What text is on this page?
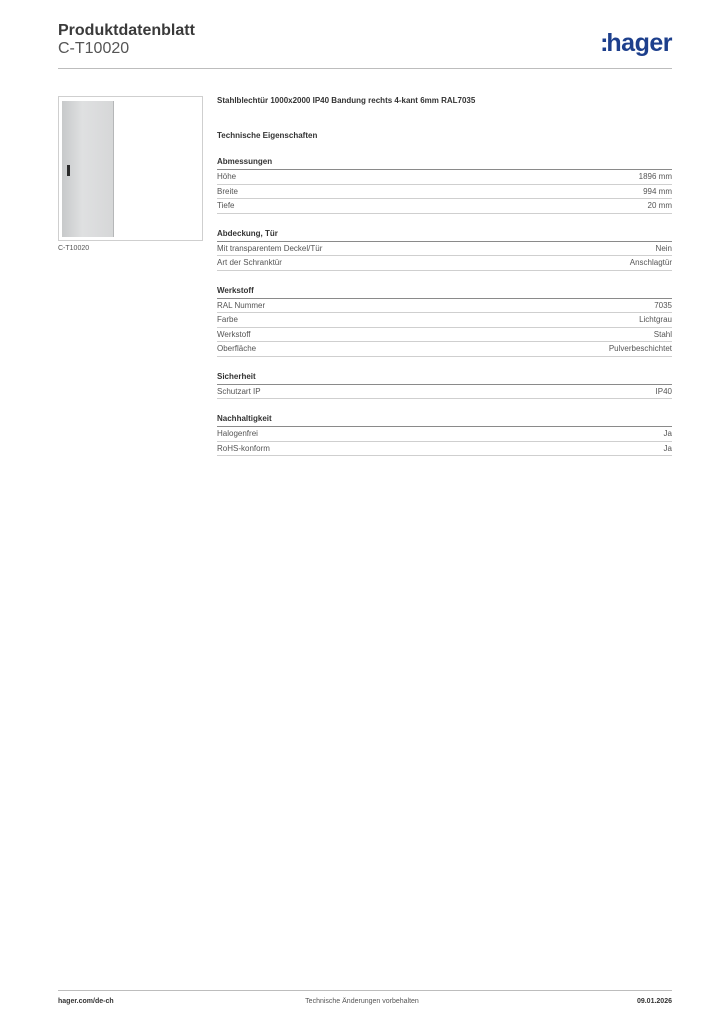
Produktdatenblatt
C-T10020	:hager
C-T10020
Stahlblechtür 1000x2000 IP40 Bandung rechts 4-kant 6mm RAL7035
Technische Eigenschaften
Abmessungen
Höhe	1896 mm
Breite	994 mm
Tiefe	20 mm
Abdeckung, Tür
Mit transparentem Deckel/Tür	Nein
Art der Schranktür	Anschlagtür
Werkstoff
RAL Nummer	7035
Farbe	Lichtgrau
Werkstoff	Stahl
Oberfläche	Pulverbeschichtet
Sicherheit
Schutzart IP	IP40
Nachhaltigkeit
Halogenfrei	Ja
RoHS-konform	Ja
hager.com/de-ch	Technische Änderungen vorbehalten	09.01.2026
